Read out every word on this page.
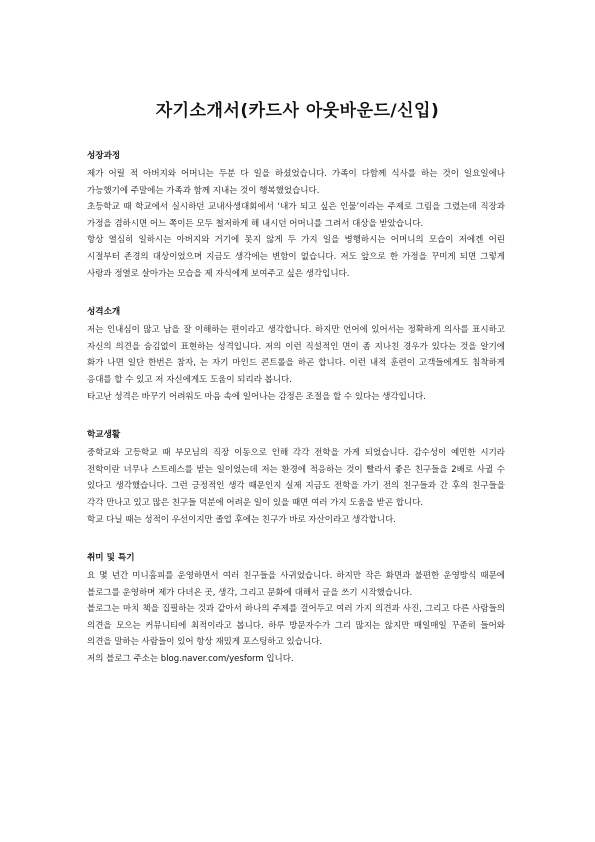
자기소개서(카드사 아웃바운드/신입)
성장과정

제가 어릴 적 아버지와 어머니는 두분 다 일을 하셨었습니다. 가족이 다함께 식사를 하는 것이 일요일에나 가능했기에 주말에는 가족과 함께 지내는 것이 행복했었습니다.

초등학교 때 학교에서 실시하던 교내사생대회에서 ‘내가 되고 싶은 인물’이라는 주제로 그림을 그렸는데 직장과 가정을 겸하시면 어느 쪽이든 모두 철저하게 해 내시던 어머니를 그려서 대상을 받았습니다.

항상 열심히 일하시는 아버지와 거기에 못지 않게 두 가지 일을 병행하시는 어머니의 모습이 저에겐 어린 시절부터 존경의 대상이었으며 지금도 생각에는 변함이 없습니다. 저도 앞으로 한 가정을 꾸미게 되면 그렇게 사랑과 정열로 살아가는 모습을 제 자식에게 보여주고 싶은 생각입니다.

성격소개

저는 인내심이 많고 남을 잘 이해하는 편이라고 생각합니다. 하지만 언어에 있어서는 정확하게 의사를 표시하고 자신의 의견을 숨김없이 표현하는 성격입니다. 저의 이런 직설적인 면이 좀 지나친 경우가 있다는 것을 알기에 화가 나면 일단 한번은 참자, 는 자기 마인드 콘트롤을 하곤 합니다. 이런 내적 훈련이 고객들에게도 침착하게 응대를 할 수 있고 저 자신에게도 도움이 되리라 봅니다.

타고난 성격은 바꾸기 어려워도 마음 속에 일어나는 감정은 조절을 할 수 있다는 생각입니다.

학교생활

중학교와 고등학교 때 부모님의 직장 이동으로 인해 각각 전학을 가게 되었습니다. 감수성이 예민한 시기라 전학이란 너무나 스트레스를 받는 일이었는데 저는 환경에 적응하는 것이 빨라서 좋은 친구들을 2배로 사귈 수 있다고 생각했습니다. 그런 긍정적인 생각 때문인지 실제 지금도 전학을 가기 전의 친구들과 간 후의 친구들을 각각 만나고 있고 많은 친구들 덕분에 어려운 일이 있을 때면 여러 가지 도움을 받곤 합니다.

학교 다닐 때는 성적이 우선이지만 졸업 후에는 친구가 바로 자산이라고 생각합니다.

취미 및 특기

요 몇 년간 미니홈피를 운영하면서 여러 친구들을 사귀었습니다. 하지만 작은 화면과 불편한 운영방식 때문에 블로그를 운영하며 제가 다녀온 곳, 생각, 그리고 문화에 대해서 글을 쓰기 시작했습니다.

블로그는 마치 책을 집필하는 것과 같아서 하나의 주제를 걸어두고 여러 가지 의견과 사진, 그리고 다른 사람들의 의견을 모으는 커뮤니티에 최적이라고 봅니다. 하루 방문자수가 그리 많지는 않지만 매일매일 꾸준히 들어와 의견을 말하는 사람들이 있어 항상 재밌게 포스팅하고 있습니다.

저의 블로그 주소는 blog.naver.com/yesform 입니다.
